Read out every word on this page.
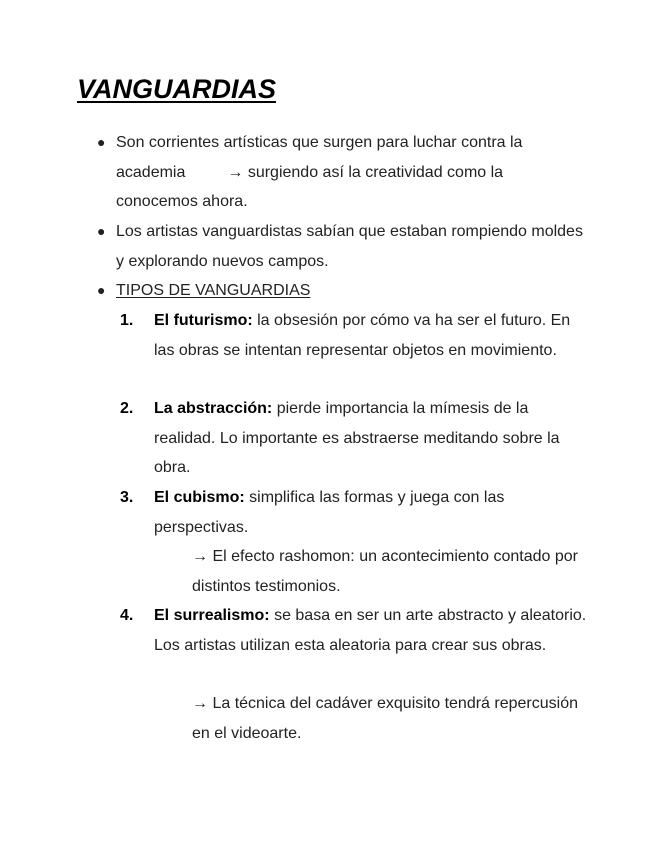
VANGUARDIAS
● Son corrientes artísticas que surgen para luchar contra la
academia	→ surgiendo así la creatividad como la
conocemos ahora.
● Los artistas vanguardistas sabían que estaban rompiendo moldes y explorando nuevos campos.
● TIPOS DE VANGUARDIAS
1. El futurismo: la obsesión por cómo va ha ser el futuro. En las obras se intentan representar objetos en movimiento.
2. La abstracción: pierde importancia la mímesis de la realidad. Lo importante es abstraerse meditando sobre la obra.
3. El cubismo: simplifica las formas y juega con las perspectivas.
→ El efecto rashomon: un acontecimiento contado por distintos testimonios.
4. El surrealismo: se basa en ser un arte abstracto y aleatorio. Los artistas utilizan esta aleatoria para crear sus obras.
→ La técnica del cadáver exquisito tendrá repercusión en el videoarte.
